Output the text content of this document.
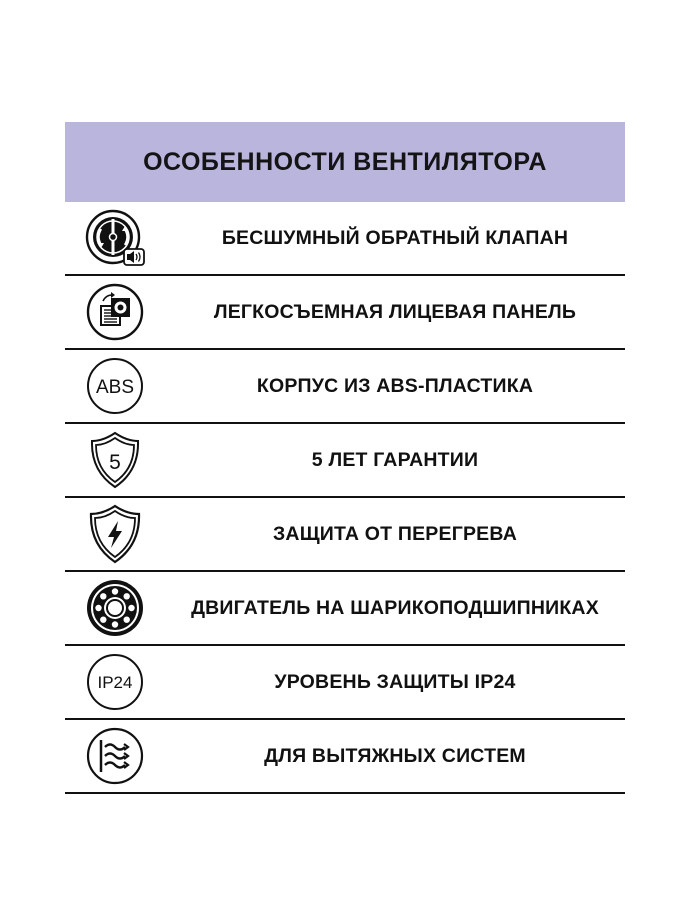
ОСОБЕННОСТИ ВЕНТИЛЯТОРА
БЕСШУМНЫЙ ОБРАТНЫЙ КЛАПАН
ЛЕГКОСЪЕМНАЯ ЛИЦЕВАЯ ПАНЕЛЬ
ABS	КОРПУС ИЗ ABS-ПЛАСТИКА
5	5 ЛЕТ ГАРАНТИИ
ЗАЩИТА ОТ ПЕРЕГРЕВА
ДВИГАТЕЛЬ НА ШАРИКОПОДШИПНИКАХ
IP24	УРОВЕНЬ ЗАЩИТЫ IP24
ДЛЯ ВЫТЯЖНЫХ СИСТЕМ
